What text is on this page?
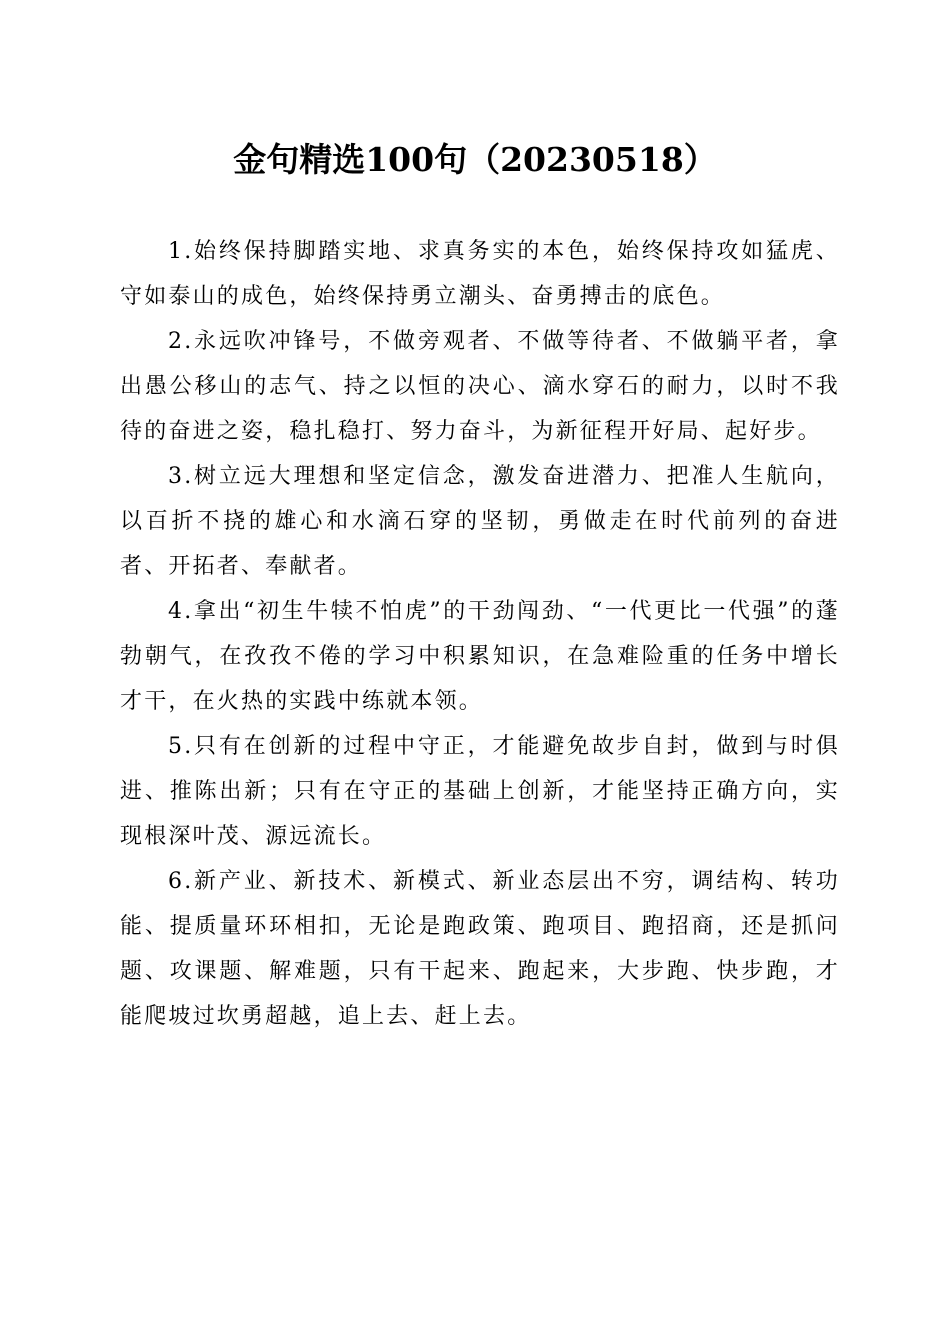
金句精选100句（20230518）

1.始终保持脚踏实地、求真务实的本色，始终保持攻如猛虎、守如泰山的成色，始终保持勇立潮头、奋勇搏击的底色。

2.永远吹冲锋号，不做旁观者、不做等待者、不做躺平者，拿出愚公移山的志气、持之以恒的决心、滴水穿石的耐力，以时不我待的奋进之姿，稳扎稳打、努力奋斗，为新征程开好局、起好步。

3.树立远大理想和坚定信念，激发奋进潜力、把准人生航向，以百折不挠的雄心和水滴石穿的坚韧，勇做走在时代前列的奋进者、开拓者、奉献者。

4.拿出“初生牛犊不怕虎”的干劲闯劲、“一代更比一代强”的蓬勃朝气，在孜孜不倦的学习中积累知识，在急难险重的任务中增长才干，在火热的实践中练就本领。

5.只有在创新的过程中守正，才能避免故步自封，做到与时俱进、推陈出新；只有在守正的基础上创新，才能坚持正确方向，实现根深叶茂、源远流长。

6.新产业、新技术、新模式、新业态层出不穷，调结构、转功能、提质量环环相扣，无论是跑政策、跑项目、跑招商，还是抓问题、攻课题、解难题，只有干起来、跑起来，大步跑、快步跑，才能爬坡过坎勇超越，追上去、赶上去。
